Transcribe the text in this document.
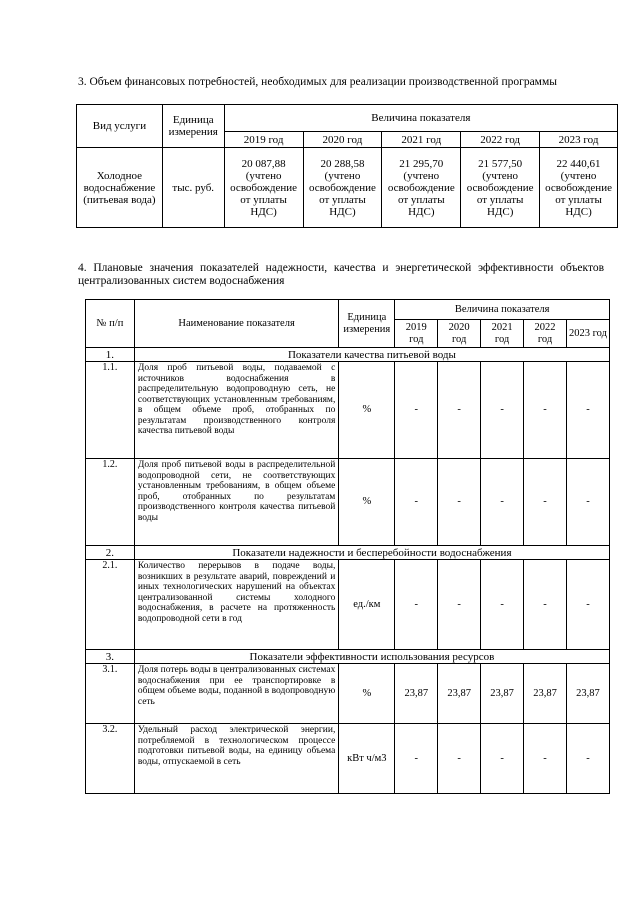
3. Объем финансовых потребностей, необходимых для реализации производственной программы
Вид услуги	Единица измерения	Величина показателя				
		2019 год	2020 год	2021 год	2022 год	2023 год
Холодное водоснабжение (питьевая вода)	тыс. руб.	20 087,88 (учтено освобождение от уплаты НДС)	20 288,58 (учтено освобождение от уплаты НДС)	21 295,70 (учтено освобождение от уплаты НДС)	21 577,50 (учтено освобождение от уплаты НДС)	22 440,61 (учтено освобождение от уплаты НДС)
4. Плановые значения показателей надежности, качества и энергетической эффективности объектов централизованных систем водоснабжения
№ п/п	Наименование показателя	Единица измерения	Величина показателя				
			2019 год	2020 год	2021 год	2022 год	2023 год
1.	Показатели качества питьевой воды						
1.1.	Доля проб питьевой воды, подаваемой с источников водоснабжения в распределительную водопроводную сеть, не соответствующих установленным требованиям, в общем объеме проб, отобранных по результатам производственного контроля качества питьевой воды	%	-	-	-	-	-
1.2.	Доля проб питьевой воды в распределительной водопроводной сети, не соответствующих установленным требованиям, в общем объеме проб, отобранных по результатам производственного контроля качества питьевой воды	%	-	-	-	-	-
2.	Показатели надежности и бесперебойности водоснабжения						
2.1.	Количество перерывов в подаче воды, возникших в результате аварий, повреждений и иных технологических нарушений на объектах централизованной системы холодного водоснабжения, в расчете на протяженность водопроводной сети в год	ед./км	-	-	-	-	-
3.	Показатели эффективности использования ресурсов						
3.1.	Доля потерь воды в централизованных системах водоснабжения при ее транспортировке в общем объеме воды, поданной в водопроводную сеть	%	23,87	23,87	23,87	23,87	23,87
3.2.	Удельный расход электрической энергии, потребляемой в технологическом процессе подготовки питьевой воды, на единицу объема воды, отпускаемой в сеть	кВт ч/м3	-	-	-	-	-
